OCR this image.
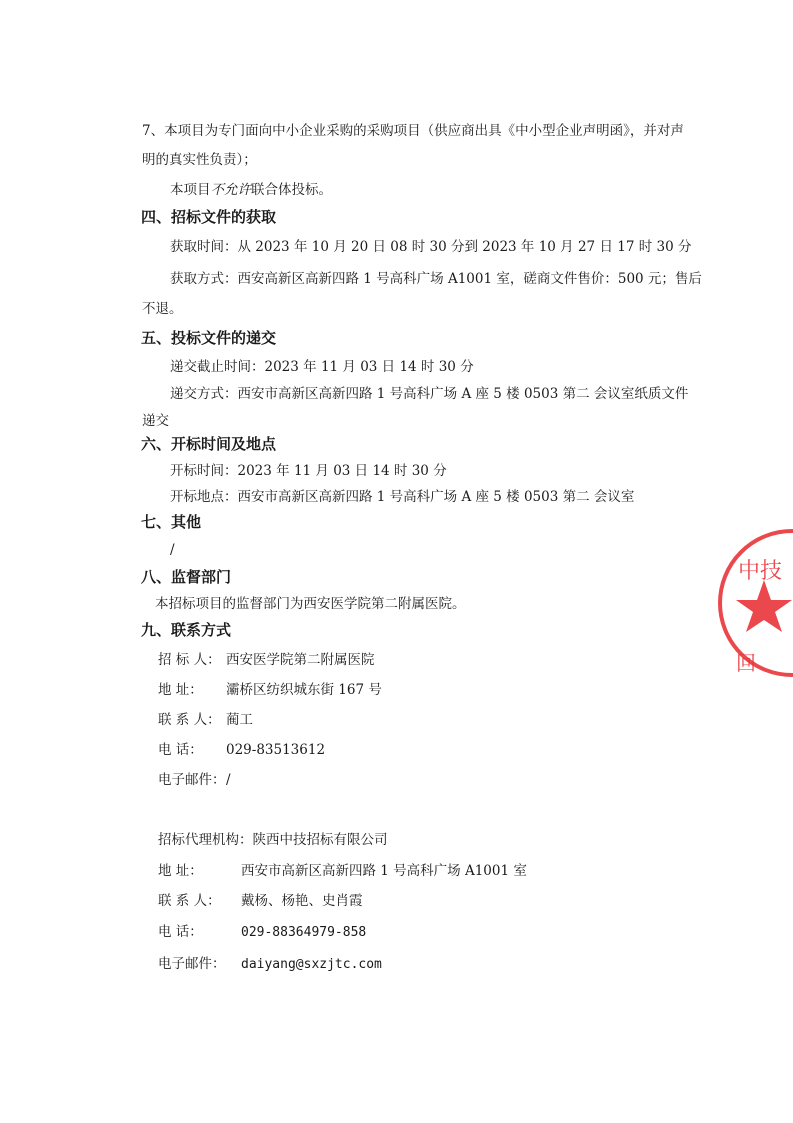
7、本项目为专门面向中小企业采购的采购项目（供应商出具《中小型企业声明函》，并对声
明的真实性负责）；
本项目不允许联合体投标。
四、招标文件的获取
获取时间：从 2023 年 10 月 20 日 08 时 30 分到 2023 年 10 月 27 日 17 时 30 分
获取方式：西安高新区高新四路 1 号高科广场 A1001 室，磋商文件售价：500 元；售后
不退。
五、投标文件的递交
递交截止时间：2023 年 11 月 03 日 14 时 30 分
递交方式：西安市高新区高新四路 1 号高科广场 A 座 5 楼 0503 第二 会议室纸质文件
递交
六、开标时间及地点
开标时间：2023 年 11 月 03 日 14 时 30 分
开标地点：西安市高新区高新四路 1 号高科广场 A 座 5 楼 0503 第二 会议室
七、其他
/
八、监督部门
本招标项目的监督部门为西安医学院第二附属医院。
九、联系方式
招 标 人： 西安医学院第二附属医院
地 址： 灞桥区纺织城东街 167 号
联 系 人： 蔺工
电 话： 029-83513612
电子邮件：/
招标代理机构：陕西中技招标有限公司
地 址：	西安市高新区高新四路 1 号高科广场 A1001 室
联 系 人： 戴杨、杨艳、史肖霞
电 话：	029-88364979-858
电子邮件： daiyang@sxzjtc.com
中技
回
